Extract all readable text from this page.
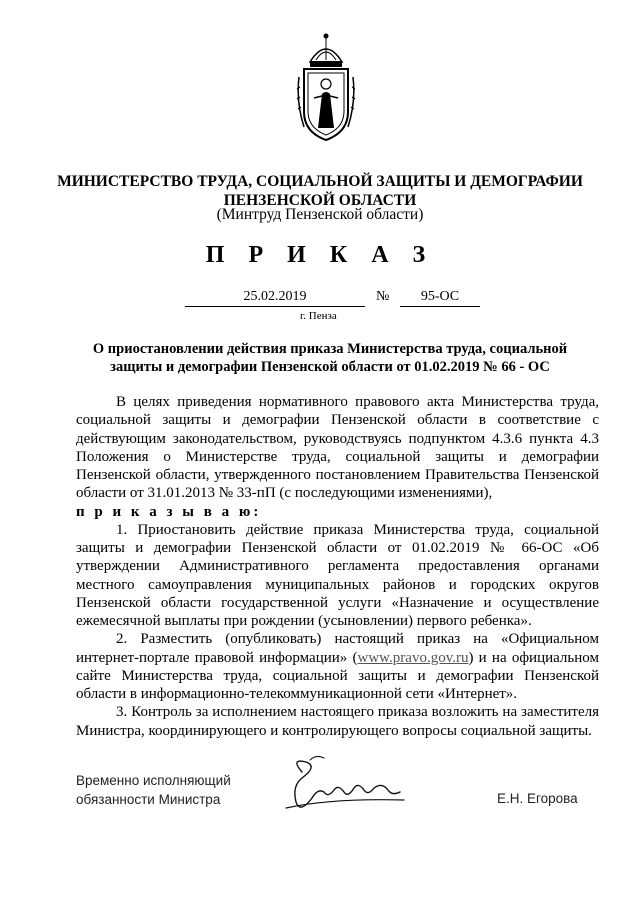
МИНИСТЕРСТВО ТРУДА, СОЦИАЛЬНОЙ ЗАЩИТЫ И ДЕМОГРАФИИ
ПЕНЗЕНСКОЙ ОБЛАСТИ
(Минтруд Пензенской области)
П Р И К А З
25.02.2019	№	95-ОС
г. Пенза
О приостановлении действия приказа Министерства труда, социальной
защиты и демографии Пензенской области от 01.02.2019 № 66 - ОС

В целях приведения нормативного правового акта Министерства труда, социальной защиты и демографии Пензенской области в соответствие с действующим законодательством, руководствуясь подпунктом 4.3.6 пункта 4.3 Положения о Министерстве труда, социальной защиты и демографии Пензенской области, утвержденного постановлением Правительства Пензенской области от 31.01.2013 № 33-пП (с последующими изменениями),

п р и к а з ы в а ю:

1. Приостановить действие приказа Министерства труда, социальной защиты и демографии Пензенской области от 01.02.2019 № 66-ОС «Об утверждении Административного регламента предоставления органами местного самоуправления муниципальных районов и городских округов Пензенской области государственной услуги «Назначение и осуществление ежемесячной выплаты при рождении (усыновлении) первого ребенка».

2. Разместить (опубликовать) настоящий приказ на «Официальном интернет-портале правовой информации» (www.pravo.gov.ru) и на официальном сайте Министерства труда, социальной защиты и демографии Пензенской области в информационно-телекоммуникационной сети «Интернет».

3. Контроль за исполнением настоящего приказа возложить на заместителя Министра, координирующего и контролирующего вопросы социальной защиты.

Временно исполняющий
обязанности Министра	Е.Н. Егорова
